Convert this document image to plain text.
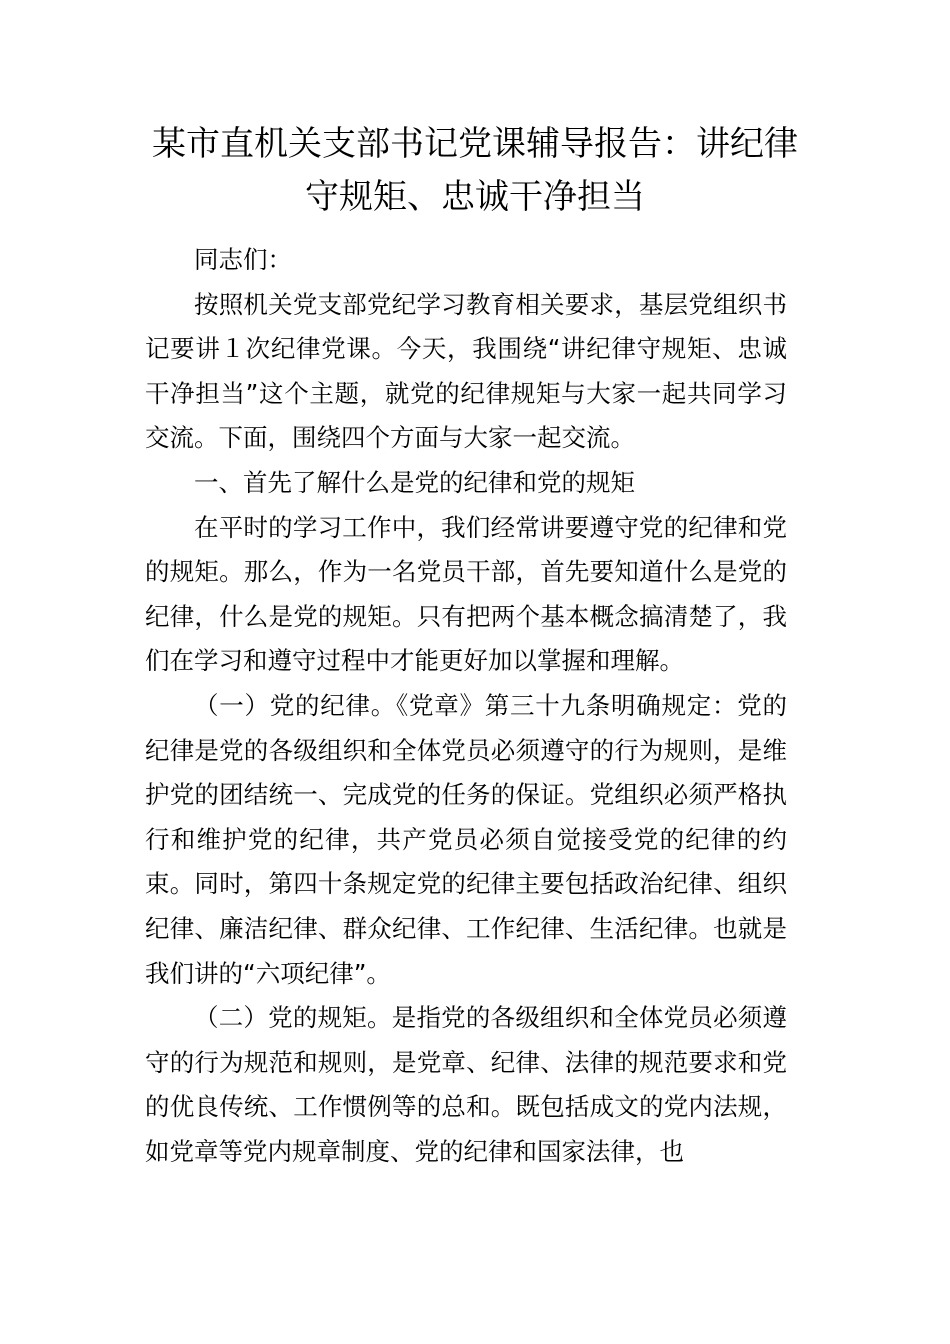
某市直机关支部书记党课辅导报告：讲纪律守规矩、忠诚干净担当

同志们：

按照机关党支部党纪学习教育相关要求，基层党组织书记要讲１次纪律党课。今天，我围绕“讲纪律守规矩、忠诚干净担当”这个主题，就党的纪律规矩与大家一起共同学习交流。下面，围绕四个方面与大家一起交流。

一、首先了解什么是党的纪律和党的规矩

在平时的学习工作中，我们经常讲要遵守党的纪律和党的规矩。那么，作为一名党员干部，首先要知道什么是党的纪律，什么是党的规矩。只有把两个基本概念搞清楚了，我们在学习和遵守过程中才能更好加以掌握和理解。

（一）党的纪律。《党章》第三十九条明确规定：党的纪律是党的各级组织和全体党员必须遵守的行为规则，是维护党的团结统一、完成党的任务的保证。党组织必须严格执行和维护党的纪律，共产党员必须自觉接受党的纪律的约束。同时，第四十条规定党的纪律主要包括政治纪律、组织纪律、廉洁纪律、群众纪律、工作纪律、生活纪律。也就是我们讲的“六项纪律”。

（二）党的规矩。是指党的各级组织和全体党员必须遵守的行为规范和规则，是党章、纪律、法律的规范要求和党的优良传统、工作惯例等的总和。既包括成文的党内法规，如党章等党内规章制度、党的纪律和国家法律，也
